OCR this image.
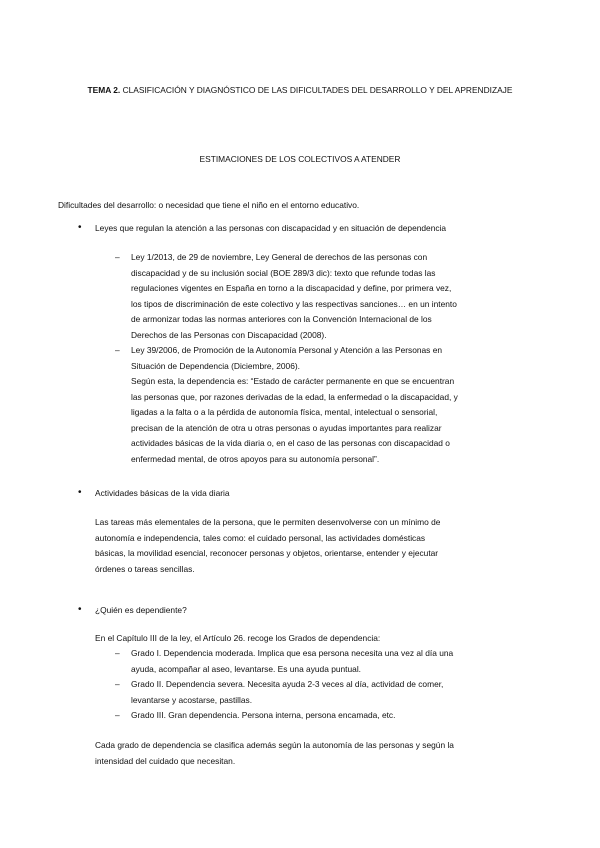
TEMA 2. CLASIFICACIÓN Y DIAGNÓSTICO DE LAS DIFICULTADES DEL DESARROLLO Y DEL APRENDIZAJE
ESTIMACIONES DE LOS COLECTIVOS A ATENDER
Dificultades del desarrollo: o necesidad que tiene el niño en el entorno educativo.
• Leyes que regulan la atención a las personas con discapacidad y en situación de dependencia
– Ley 1/2013, de 29 de noviembre, Ley General de derechos de las personas con
discapacidad y de su inclusión social (BOE 289/3 dic): texto que refunde todas las
regulaciones vigentes en España en torno a la discapacidad y define, por primera vez,
los tipos de discriminación de este colectivo y las respectivas sanciones… en un intento
de armonizar todas las normas anteriores con la Convención Internacional de los
Derechos de las Personas con Discapacidad (2008).
– Ley 39/2006, de Promoción de la Autonomía Personal y Atención a las Personas en
Situación de Dependencia (Diciembre, 2006).
Según esta, la dependencia es: “Estado de carácter permanente en que se encuentran
las personas que, por razones derivadas de la edad, la enfermedad o la discapacidad, y
ligadas a la falta o a la pérdida de autonomía física, mental, intelectual o sensorial,
precisan de la atención de otra u otras personas o ayudas importantes para realizar
actividades básicas de la vida diaria o, en el caso de las personas con discapacidad o
enfermedad mental, de otros apoyos para su autonomía personal”.
• Actividades básicas de la vida diaria
Las tareas más elementales de la persona, que le permiten desenvolverse con un mínimo de
autonomía e independencia, tales como: el cuidado personal, las actividades domésticas
básicas, la movilidad esencial, reconocer personas y objetos, orientarse, entender y ejecutar
órdenes o tareas sencillas.
• ¿Quién es dependiente?
En el Capítulo III de la ley, el Artículo 26. recoge los Grados de dependencia:
– Grado I. Dependencia moderada. Implica que esa persona necesita una vez al día una
ayuda, acompañar al aseo, levantarse. Es una ayuda puntual.
– Grado II. Dependencia severa. Necesita ayuda 2-3 veces al día, actividad de comer,
levantarse y acostarse, pastillas.
– Grado III. Gran dependencia. Persona interna, persona encamada, etc.
Cada grado de dependencia se clasifica además según la autonomía de las personas y según la
intensidad del cuidado que necesitan.
